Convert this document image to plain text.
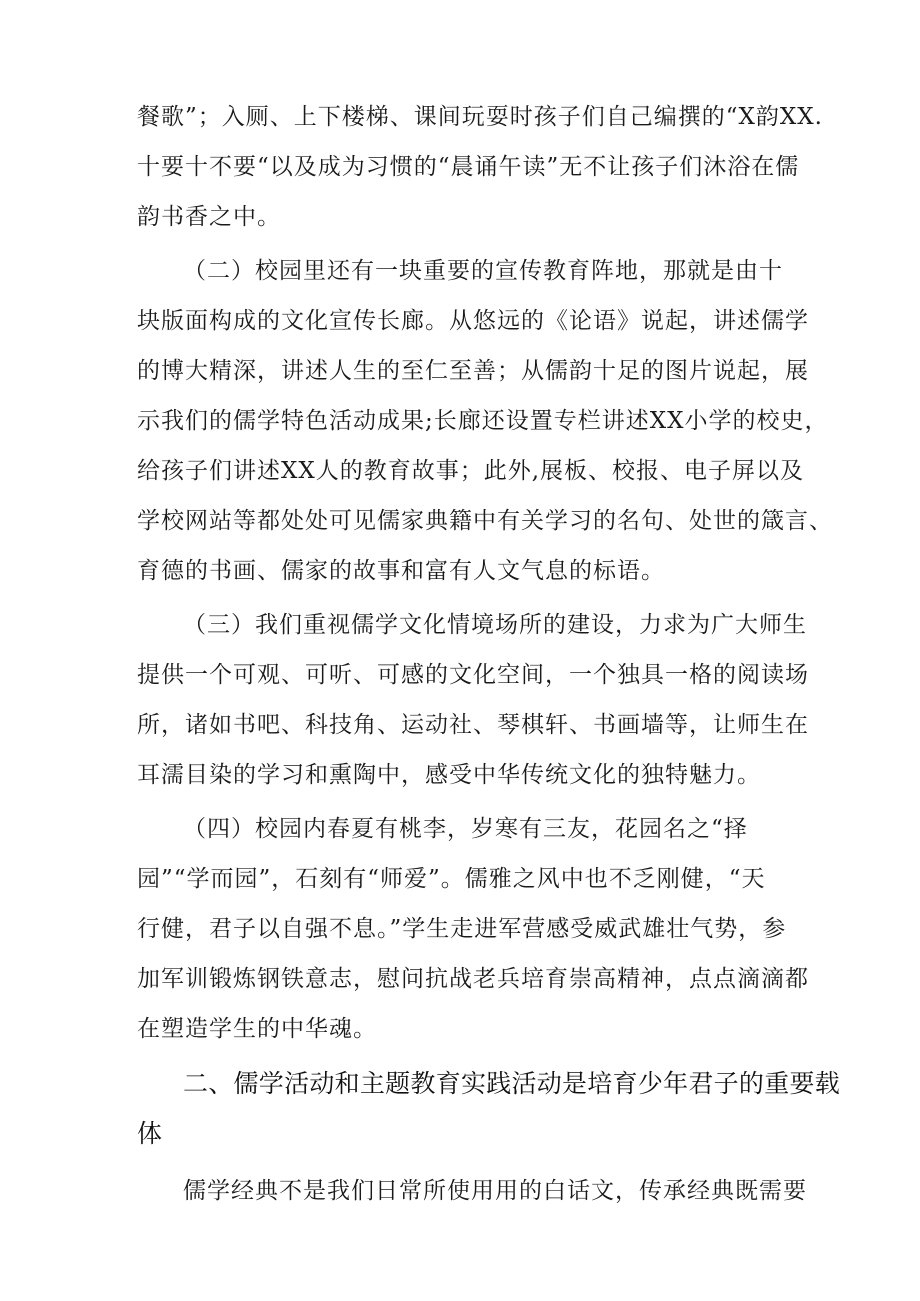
餐歌”；入厕、上下楼梯、课间玩耍时孩子们自己编撰的“X韵XX.
十要十不要“以及成为习惯的“晨诵午读”无不让孩子们沐浴在儒
韵书香之中。
（二）校园里还有一块重要的宣传教育阵地，那就是由十
块版面构成的文化宣传长廊。从悠远的《论语》说起，讲述儒学
的博大精深，讲述人生的至仁至善；从儒韵十足的图片说起，展
示我们的儒学特色活动成果;长廊还设置专栏讲述XX小学的校史，
给孩子们讲述XX人的教育故事；此外,展板、校报、电子屏以及
学校网站等都处处可见儒家典籍中有关学习的名句、处世的箴言、
育德的书画、儒家的故事和富有人文气息的标语。
（三）我们重视儒学文化情境场所的建设，力求为广大师生
提供一个可观、可听、可感的文化空间，一个独具一格的阅读场
所，诸如书吧、科技角、运动社、琴棋轩、书画墙等，让师生在
耳濡目染的学习和熏陶中，感受中华传统文化的独特魅力。
（四）校园内春夏有桃李，岁寒有三友，花园名之“择
园”“学而园”，石刻有“师爱”。儒雅之风中也不乏刚健，“天
行健，君子以自强不息。”学生走进军营感受威武雄壮气势，参
加军训锻炼钢铁意志，慰问抗战老兵培育崇高精神，点点滴滴都
在塑造学生的中华魂。
二、儒学活动和主题教育实践活动是培育少年君子的重要载
体
儒学经典不是我们日常所使用用的白话文，传承经典既需要
